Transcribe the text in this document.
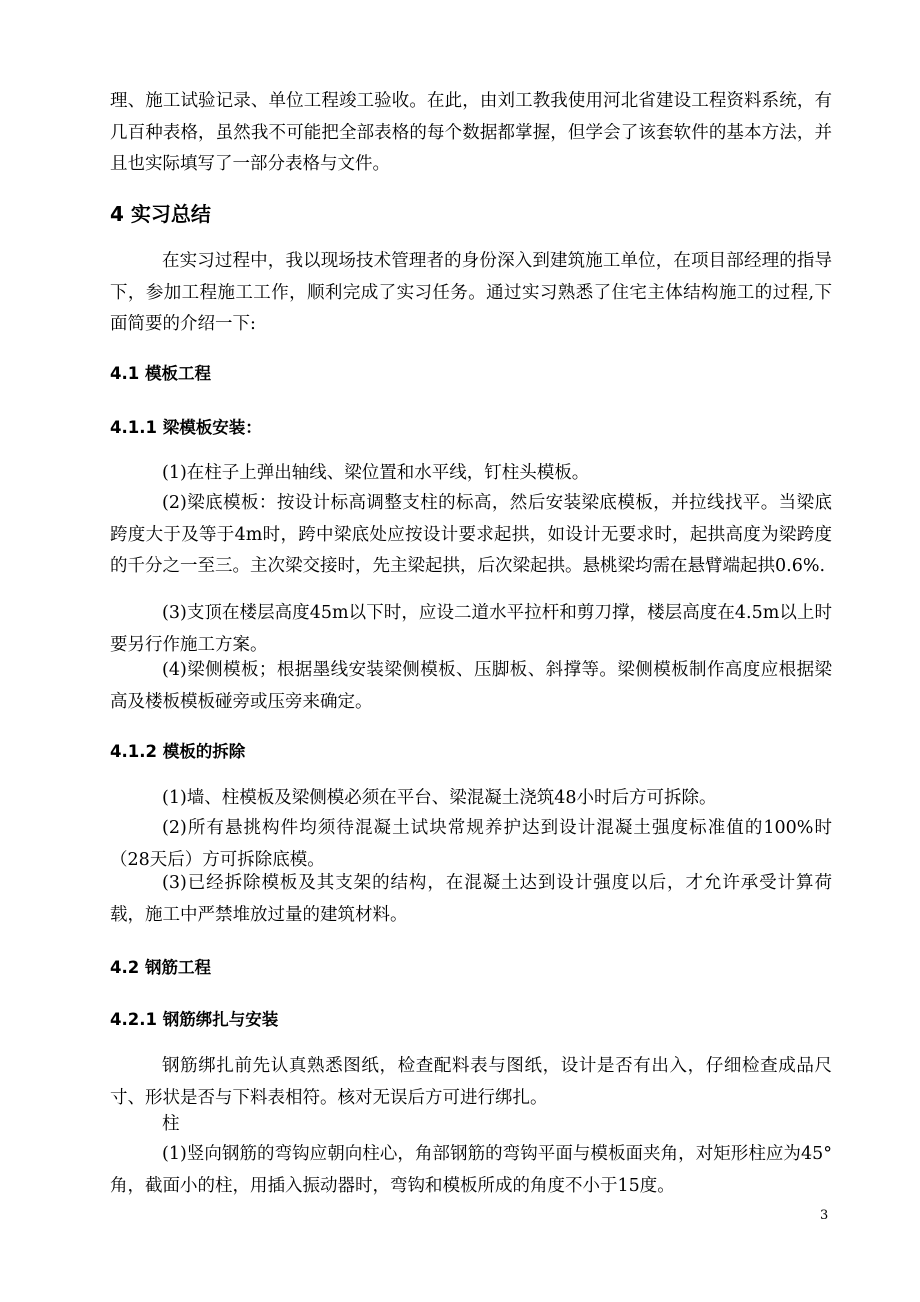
理、施工试验记录、单位工程竣工验收。在此，由刘工教我使用河北省建设工程资料系统，有几百种表格，虽然我不可能把全部表格的每个数据都掌握，但学会了该套软件的基本方法，并且也实际填写了一部分表格与文件。

4 实习总结

在实习过程中，我以现场技术管理者的身份深入到建筑施工单位，在项目部经理的指导下，参加工程施工工作，顺利完成了实习任务。通过实习熟悉了住宅主体结构施工的过程,下面简要的介绍一下:

4.1 模板工程
4.1.1 梁模板安装：

(1)在柱子上弹出轴线、梁位置和水平线，钉柱头模板。

(2)梁底模板：按设计标高调整支柱的标高，然后安装梁底模板，并拉线找平。当梁底跨度大于及等于4m时，跨中梁底处应按设计要求起拱，如设计无要求时，起拱高度为梁跨度的千分之一至三。主次梁交接时，先主梁起拱，后次梁起拱。悬桃梁均需在悬臂端起拱0.6%.

(3)支顶在楼层高度45m以下时，应设二道水平拉杆和剪刀撑，楼层高度在4.5m以上时要另行作施工方案。

(4)梁侧模板；根据墨线安装梁侧模板、压脚板、斜撑等。梁侧模板制作高度应根据梁高及楼板模板碰旁或压旁来确定。

4.1.2 模板的拆除

(1)墙、柱模板及梁侧模必须在平台、梁混凝土浇筑48小时后方可拆除。

(2)所有悬挑构件均须待混凝土试块常规养护达到设计混凝土强度标准值的100%时（28天后）方可拆除底模。

(3)已经拆除模板及其支架的结构，在混凝土达到设计强度以后，才允许承受计算荷载，施工中严禁堆放过量的建筑材料。

4.2 钢筋工程
4.2.1 钢筋绑扎与安装

钢筋绑扎前先认真熟悉图纸，检查配料表与图纸，设计是否有出入，仔细检查成品尺寸、形状是否与下料表相符。核对无误后方可进行绑扎。

柱

(1)竖向钢筋的弯钩应朝向柱心，角部钢筋的弯钩平面与模板面夹角，对矩形柱应为45° 角，截面小的柱，用插入振动器时，弯钩和模板所成的角度不小于15度。

3
